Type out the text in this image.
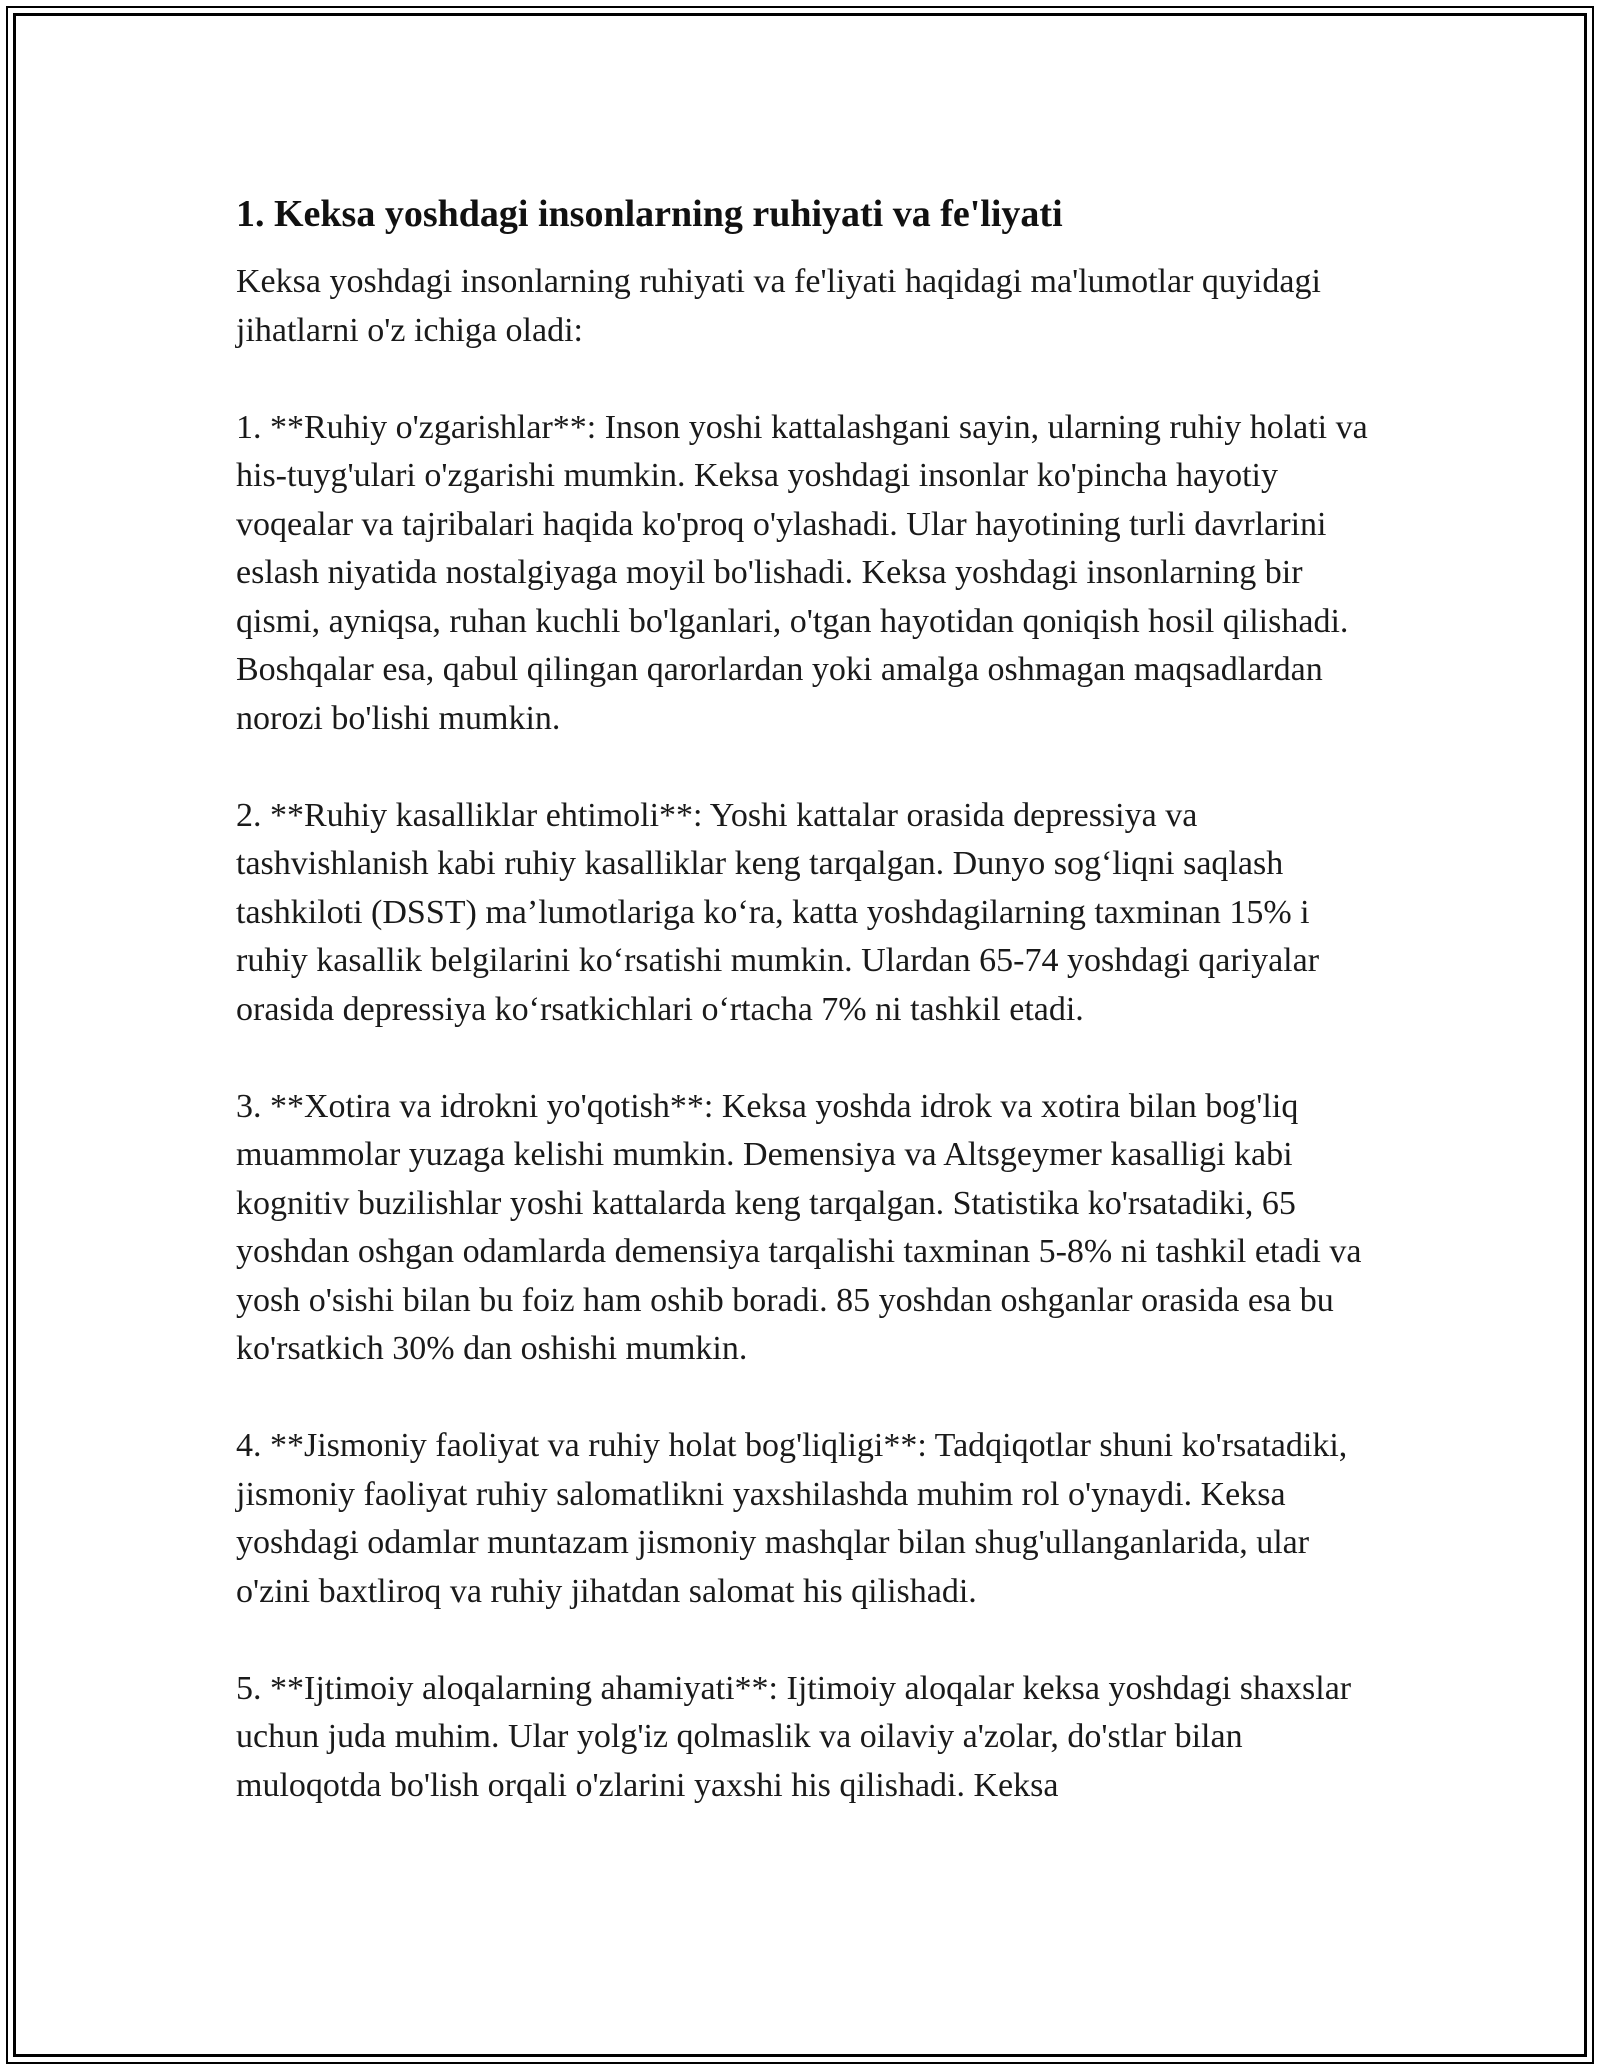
1. Keksa yoshdagi insonlarning ruhiyati va fe'liyati

Keksa yoshdagi insonlarning ruhiyati va fe'liyati haqidagi ma'lumotlar quyidagi jihatlarni o'z ichiga oladi:

1. **Ruhiy o'zgarishlar**: Inson yoshi kattalashgani sayin, ularning ruhiy holati va his-tuyg'ulari o'zgarishi mumkin. Keksa yoshdagi insonlar ko'pincha hayotiy voqealar va tajribalari haqida ko'proq o'ylashadi. Ular hayotining turli davrlarini eslash niyatida nostalgiyaga moyil bo'lishadi. Keksa yoshdagi insonlarning bir qismi, ayniqsa, ruhan kuchli bo'lganlari, o'tgan hayotidan qoniqish hosil qilishadi. Boshqalar esa, qabul qilingan qarorlardan yoki amalga oshmagan maqsadlardan norozi bo'lishi mumkin.

2. **Ruhiy kasalliklar ehtimoli**: Yoshi kattalar orasida depressiya va tashvishlanish kabi ruhiy kasalliklar keng tarqalgan. Dunyo sog‘liqni saqlash tashkiloti (DSST) ma’lumotlariga ko‘ra, katta yoshdagilarning taxminan 15% i ruhiy kasallik belgilarini ko‘rsatishi mumkin. Ulardan 65-74 yoshdagi qariyalar orasida depressiya ko‘rsatkichlari o‘rtacha 7% ni tashkil etadi.

3. **Xotira va idrokni yo'qotish**: Keksa yoshda idrok va xotira bilan bog'liq muammolar yuzaga kelishi mumkin. Demensiya va Altsgeymer kasalligi kabi kognitiv buzilishlar yoshi kattalarda keng tarqalgan. Statistika ko'rsatadiki, 65 yoshdan oshgan odamlarda demensiya tarqalishi taxminan 5-8% ni tashkil etadi va yosh o'sishi bilan bu foiz ham oshib boradi. 85 yoshdan oshganlar orasida esa bu ko'rsatkich 30% dan oshishi mumkin.

4. **Jismoniy faoliyat va ruhiy holat bog'liqligi**: Tadqiqotlar shuni ko'rsatadiki, jismoniy faoliyat ruhiy salomatlikni yaxshilashda muhim rol o'ynaydi. Keksa yoshdagi odamlar muntazam jismoniy mashqlar bilan shug'ullanganlarida, ular o'zini baxtliroq va ruhiy jihatdan salomat his qilishadi.

5. **Ijtimoiy aloqalarning ahamiyati**: Ijtimoiy aloqalar keksa yoshdagi shaxslar uchun juda muhim. Ular yolg'iz qolmaslik va oilaviy a'zolar, do'stlar bilan muloqotda bo'lish orqali o'zlarini yaxshi his qilishadi. Keksa
